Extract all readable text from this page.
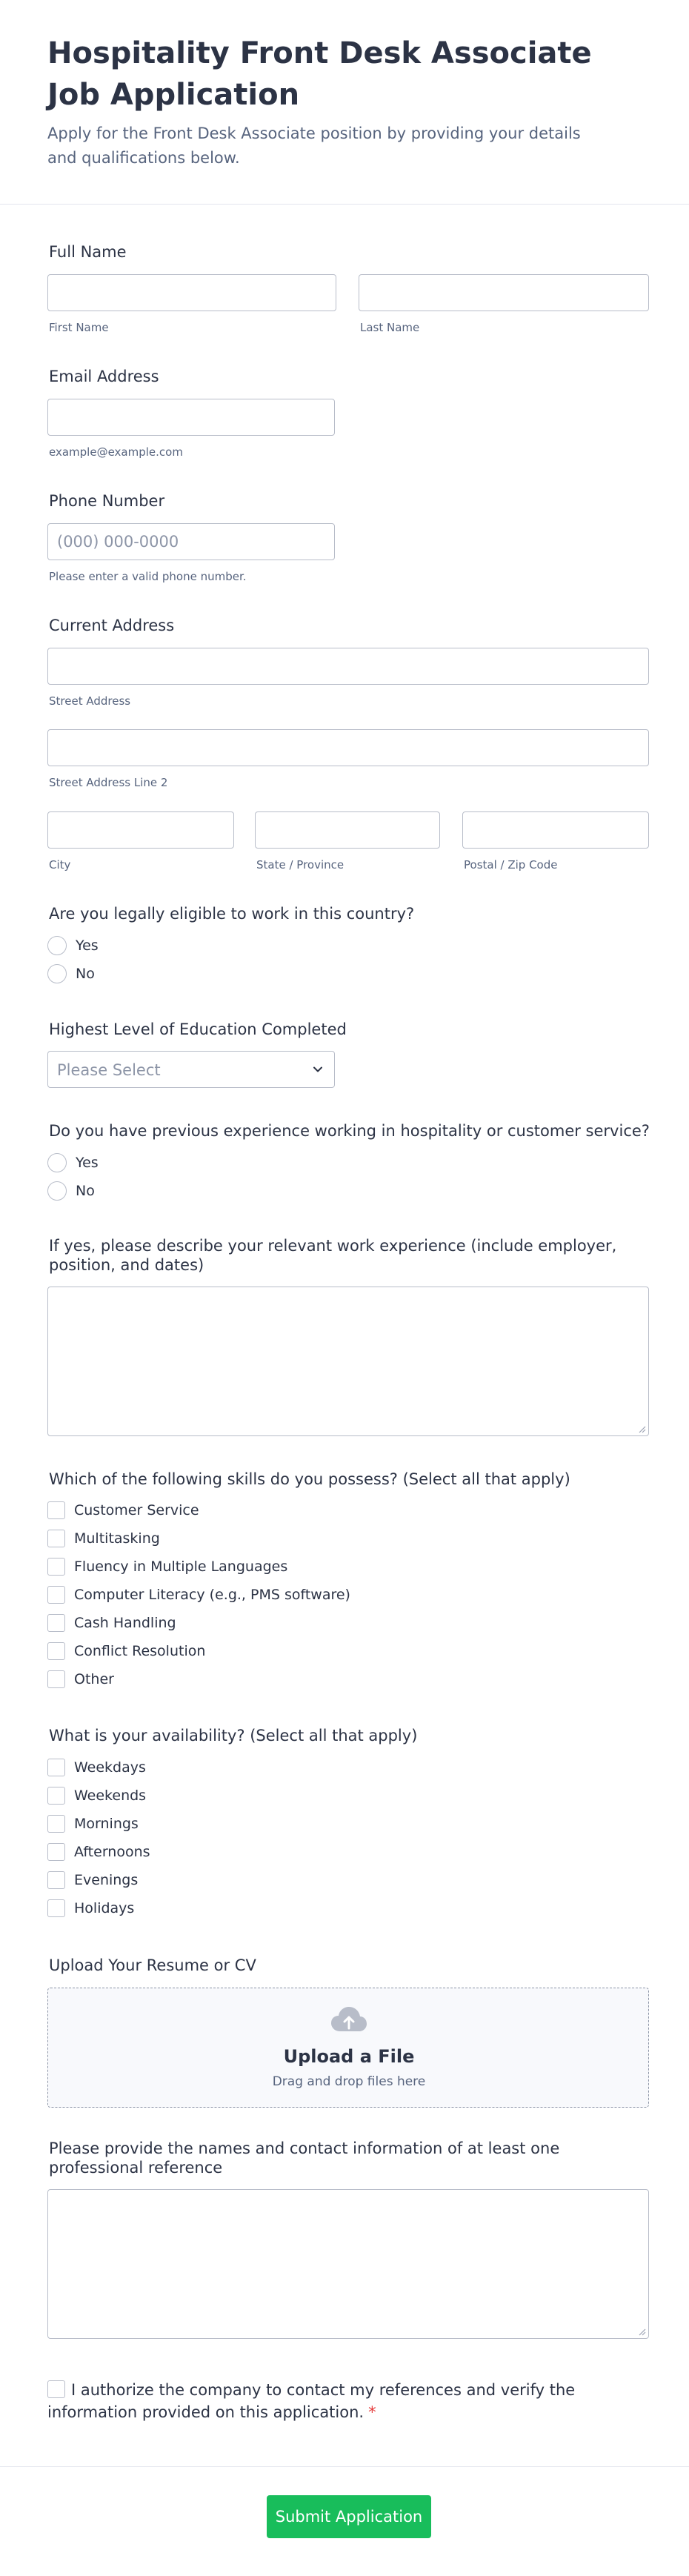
Hospitality Front Desk Associate Job Application

Apply for the Front Desk Associate position by providing your details and qualifications below.

Full Name
First Name	Last Name
Email Address
example@example.com
Phone Number
(000) 000-0000
Please enter a valid phone number.
Current Address
Street Address
Street Address Line 2
City	State / Province	Postal / Zip Code
Are you legally eligible to work in this country?
Yes
No
Highest Level of Education Completed
Please Select
Do you have previous experience working in hospitality or customer service?
Yes
No
If yes, please describe your relevant work experience (include employer, position, and dates)
Which of the following skills do you possess? (Select all that apply)
Customer Service
Multitasking
Fluency in Multiple Languages
Computer Literacy (e.g., PMS software)
Cash Handling
Conflict Resolution
Other
What is your availability? (Select all that apply)
Weekdays
Weekends
Mornings
Afternoons
Evenings
Holidays
Upload Your Resume or CV
Upload a File
Drag and drop files here
Please provide the names and contact information of at least one professional reference
I authorize the company to contact my references and verify the information provided on this application. *
Submit Application
